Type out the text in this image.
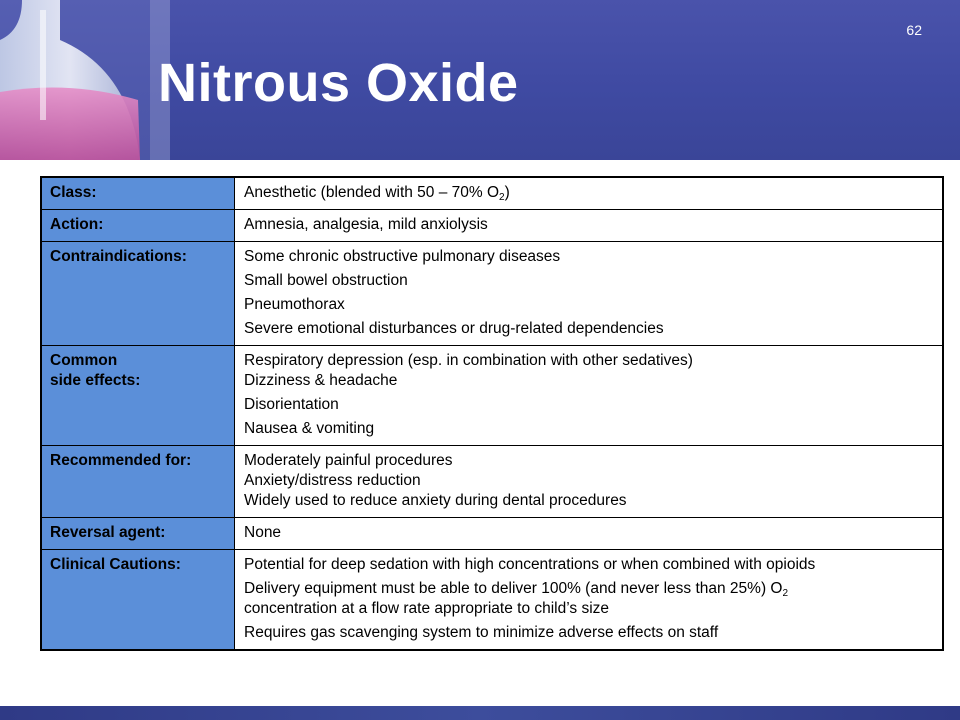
62
Nitrous Oxide
Class:	Anesthetic (blended with 50 – 70% $O_2$)
Action:	Amnesia, analgesia, mild anxiolysis
Contraindications:	Some chronic obstructive pulmonary diseases
Small bowel obstruction
Pneumothorax
Severe emotional disturbances or drug-related dependencies

Common
side effects:	Respiratory depression (esp. in combination with other sedatives)
Dizziness & headache
Disorientation
Nausea & vomiting

Recommended for:	Moderately painful procedures
Anxiety/distress reduction
Widely used to reduce anxiety during dental procedures

Reversal agent:	None
Clinical Cautions:	Potential for deep sedation with high concentrations or when combined with opioids
Delivery equipment must be able to deliver 100% (and never less than 25%) $O_2$
concentration at a flow rate appropriate to child’s size
Requires gas scavenging system to minimize adverse effects on staff
